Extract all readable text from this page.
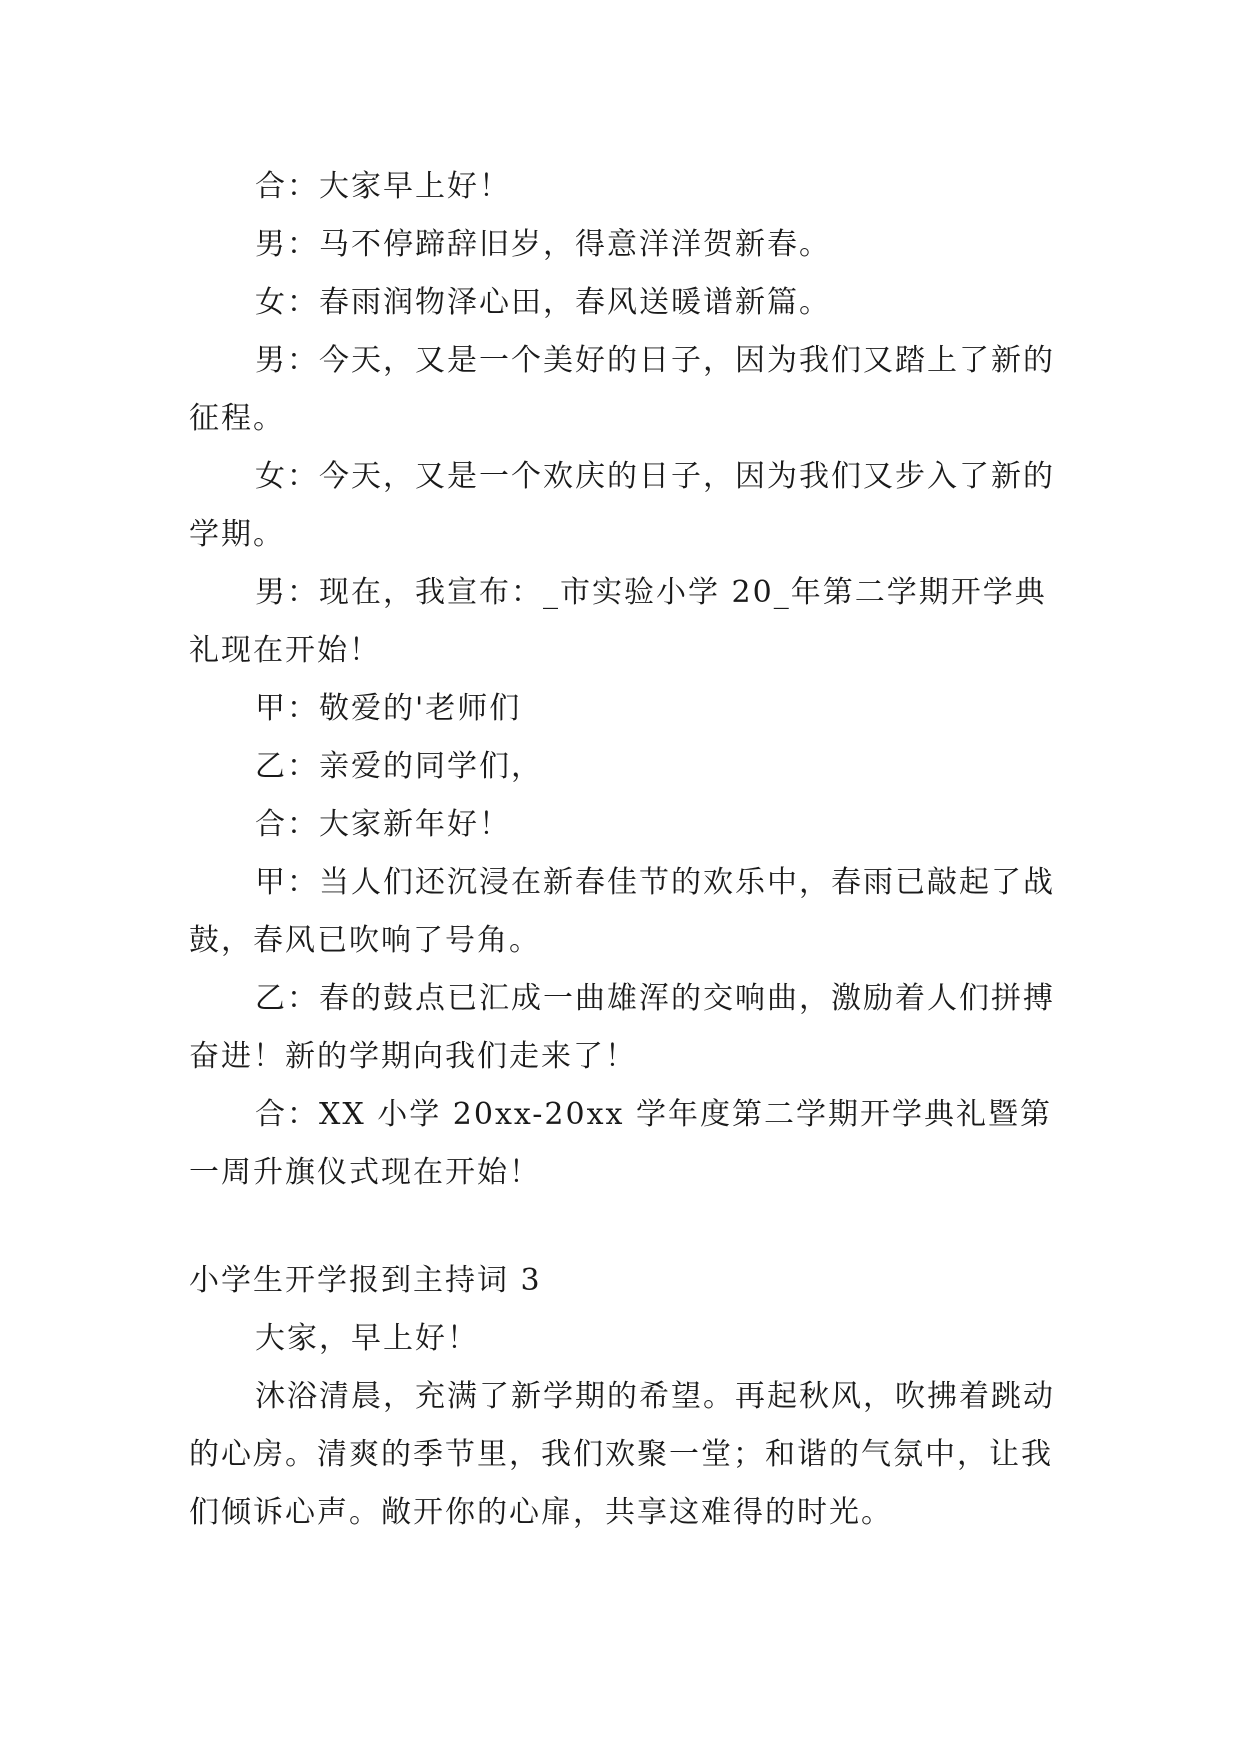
合：大家早上好！

男：马不停蹄辞旧岁，得意洋洋贺新春。

女：春雨润物泽心田，春风送暖谱新篇。

男：今天，又是一个美好的日子，因为我们又踏上了新的征程。

女：今天，又是一个欢庆的日子，因为我们又步入了新的学期。

男：现在，我宣布：_市实验小学 20_年第二学期开学典礼现在开始！

甲：敬爱的'老师们

乙：亲爱的同学们，

合：大家新年好！

甲：当人们还沉浸在新春佳节的欢乐中，春雨已敲起了战鼓，春风已吹响了号角。

乙：春的鼓点已汇成一曲雄浑的交响曲，激励着人们拼搏奋进！新的学期向我们走来了！

合：XX 小学 20xx-20xx 学年度第二学期开学典礼暨第一周升旗仪式现在开始！

小学生开学报到主持词 3

大家，早上好！

沐浴清晨，充满了新学期的希望。再起秋风，吹拂着跳动的心房。清爽的季节里，我们欢聚一堂；和谐的气氛中，让我们倾诉心声。敞开你的心扉，共享这难得的时光。
